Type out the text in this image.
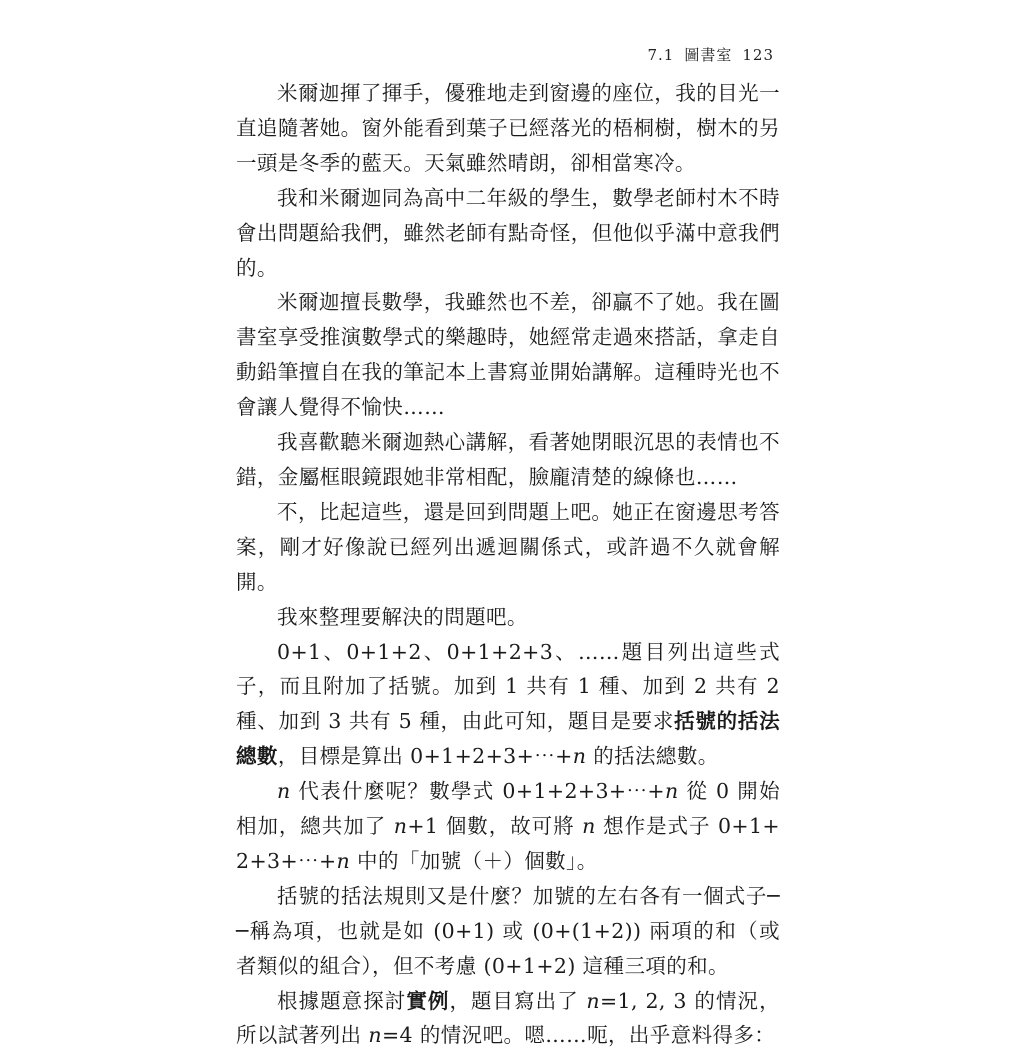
7.1 圖書室 123

米爾迦揮了揮手，優雅地走到窗邊的座位，我的目光一直追隨著她。窗外能看到葉子已經落光的梧桐樹，樹木的另一頭是冬季的藍天。天氣雖然晴朗，卻相當寒冷。

我和米爾迦同為高中二年級的學生，數學老師村木不時會出問題給我們，雖然老師有點奇怪，但他似乎滿中意我們的。

米爾迦擅長數學，我雖然也不差，卻贏不了她。我在圖書室享受推演數學式的樂趣時，她經常走過來搭話，拿走自動鉛筆擅自在我的筆記本上書寫並開始講解。這種時光也不會讓人覺得不愉快……

我喜歡聽米爾迦熱心講解，看著她閉眼沉思的表情也不錯，金屬框眼鏡跟她非常相配，臉龐清楚的線條也……

不，比起這些，還是回到問題上吧。她正在窗邊思考答案，剛才好像說已經列出遞迴關係式，或許過不久就會解開。

我來整理要解決的問題吧。

0+1、0+1+2、0+1+2+3、……題目列出這些式子，而且附加了括號。加到 1 共有 1 種、加到 2 共有 2 種、加到 3 共有 5 種，由此可知，題目是要求括號的括法總數，目標是算出 0+1+2+3+⋯+n 的括法總數。

n 代表什麼呢？數學式 0+1+2+3+⋯+n 從 0 開始相加，總共加了 n+1 個數，故可將 n 想作是式子 0+1+2+3+⋯+n 中的「加號（＋）個數」。

括號的括法規則又是什麼？加號的左右各有一個式子──稱為項，也就是如 (0+1) 或 (0+(1+2)) 兩項的和（或者類似的組合），但不考慮 (0+1+2) 這種三項的和。

根據題意探討實例，題目寫出了 n=1, 2, 3 的情況，所以試著列出 n=4 的情況吧。嗯……呃，出乎意料得多：
